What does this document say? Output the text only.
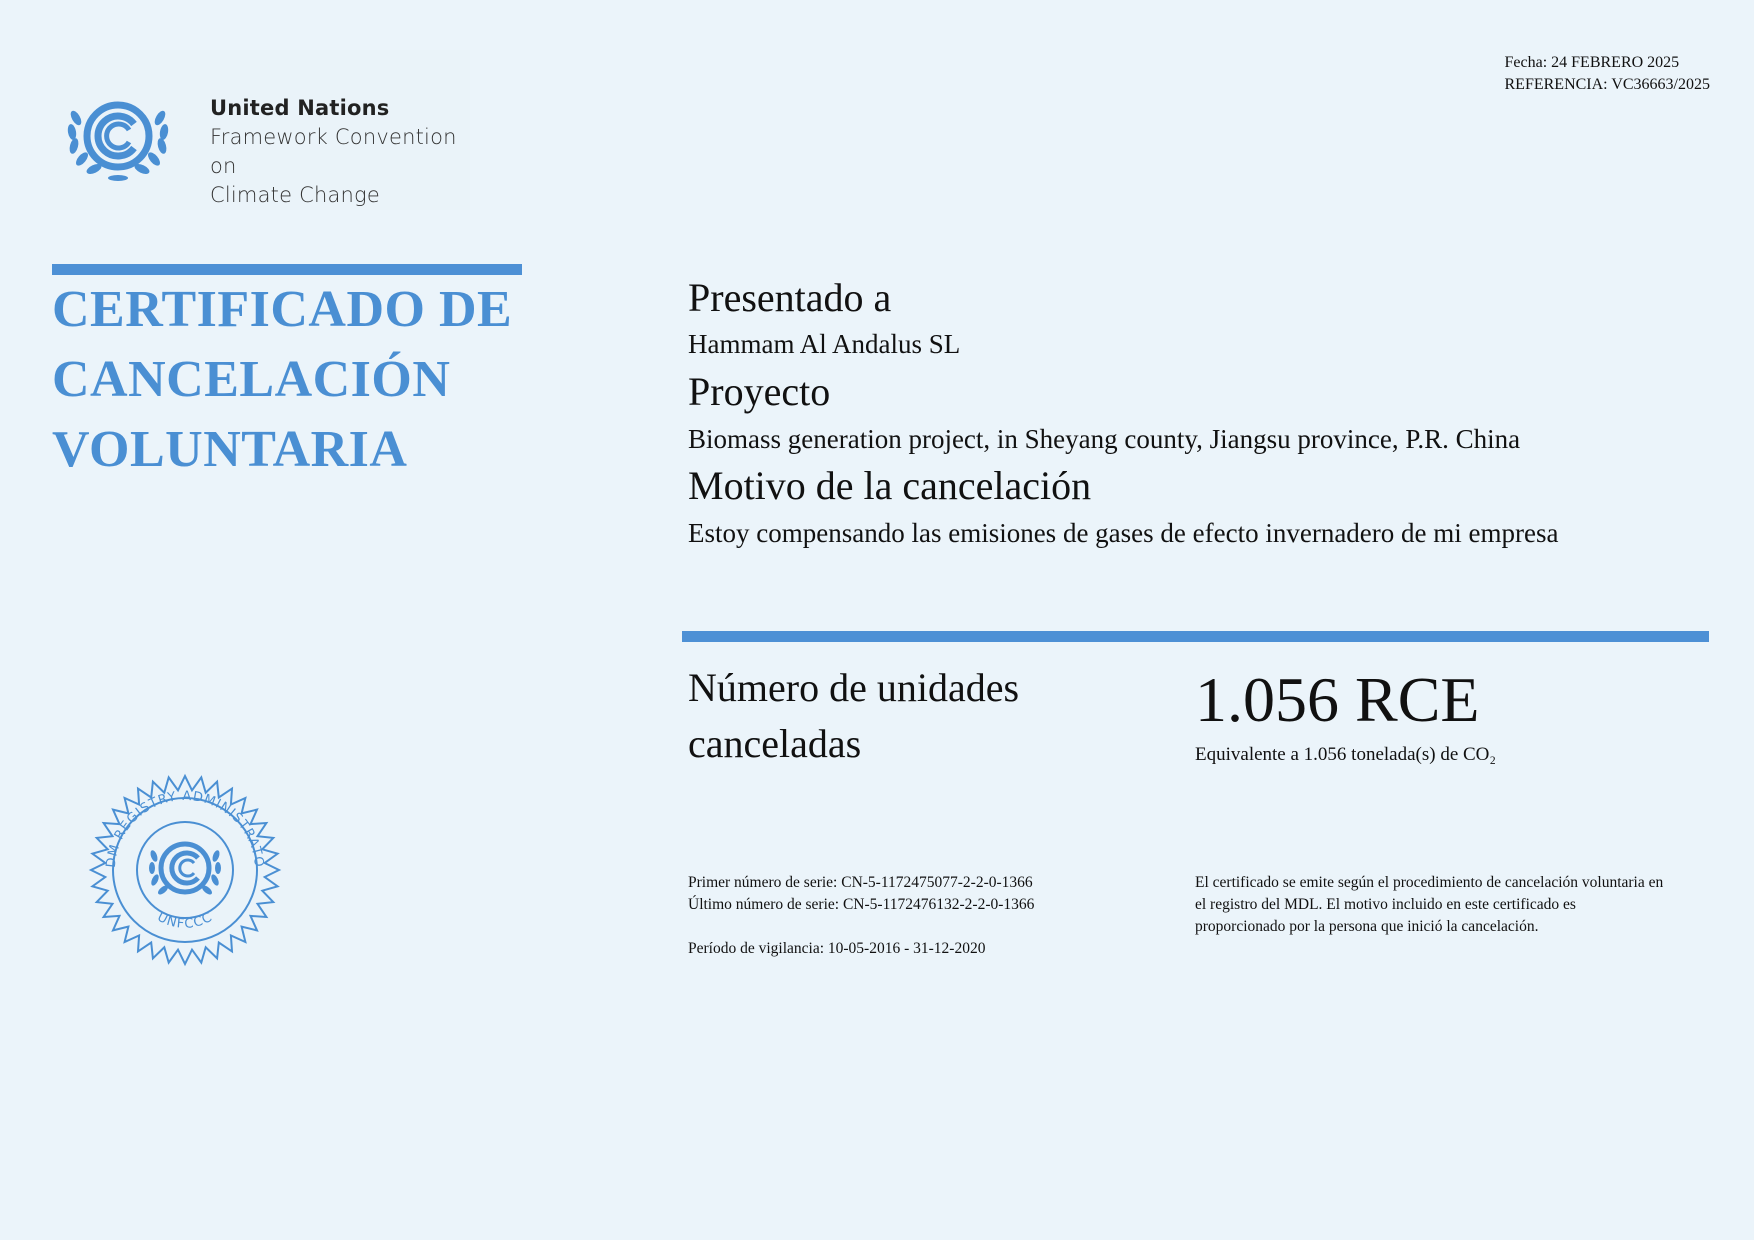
United Nations
Framework Convention on
Climate Change
Fecha: 24 FEBRERO 2025
REFERENCIA: VC36663/2025
CERTIFICADO DE
CANCELACIÓN
VOLUNTARIA
Presentado a
Hammam Al Andalus SL
Proyecto
Biomass generation project, in Sheyang county, Jiangsu province, P.R. China
Motivo de la cancelación
Estoy compensando las emisiones de gases de efecto invernadero de mi empresa
Número de unidades
canceladas
1.056 RCE
Equivalente a 1.056 tonelada(s) de CO₂
Primer número de serie: CN-5-1172475077-2-2-0-1366
Último número de serie: CN-5-1172476132-2-2-0-1366
Período de vigilancia: 10-05-2016 - 31-12-2020
El certificado se emite según el procedimiento de cancelación voluntaria en
el registro del MDL. El motivo incluido en este certificado es
proporcionado por la persona que inició la cancelación.
DM REGISTRY ADMINISTRATO
UNFCCC
